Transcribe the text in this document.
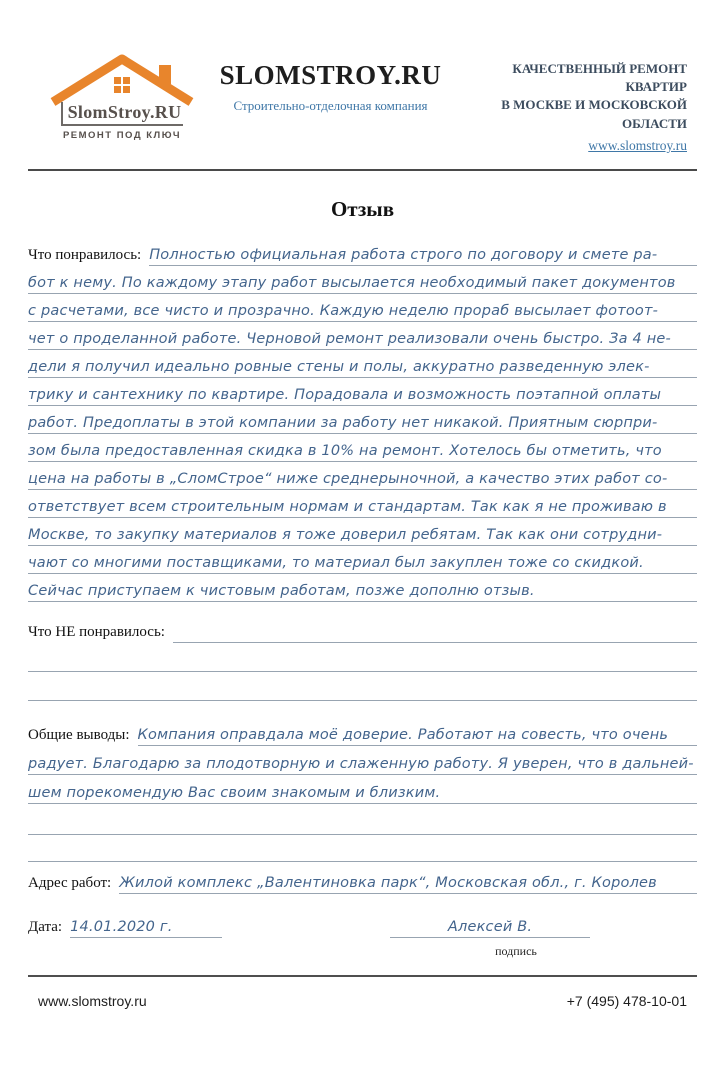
SlomStroy.RU
РЕМОНТ ПОД КЛЮЧ
SLOMSTROY.RU
Строительно-отделочная компания
КАЧЕСТВЕННЫЙ РЕМОНТ КВАРТИР
В МОСКВЕ И МОСКОВСКОЙ ОБЛАСТИ
www.slomstroy.ru
Отзыв
Что понравилось: Полностью официальная работа строго по договору и смете ра-
бот к нему. По каждому этапу работ высылается необходимый пакет документов
с расчетами, все чисто и прозрачно. Каждую неделю прораб высылает фотоот-
чет о проделанной работе. Черновой ремонт реализовали очень быстро. За 4 не-
дели я получил идеально ровные стены и полы, аккуратно разведенную элек-
трику и сантехнику по квартире. Порадовала и возможность поэтапной оплаты
работ. Предоплаты в этой компании за работу нет никакой. Приятным сюрпри-
зом была предоставленная скидка в 10% на ремонт. Хотелось бы отметить, что
цена на работы в „СломСтрое“ ниже среднерыночной, а качество этих работ со-
ответствует всем строительным нормам и стандартам. Так как я не проживаю в
Москве, то закупку материалов я тоже доверил ребятам. Так как они сотрудни-
чают со многими поставщиками, то материал был закуплен тоже со скидкой.
Сейчас приступаем к чистовым работам, позже дополню отзыв.
Что НЕ понравилось:
Общие выводы: Компания оправдала моё доверие. Работают на совесть, что очень
радует. Благодарю за плодотворную и слаженную работу. Я уверен, что в дальней-
шем порекомендую Вас своим знакомым и близким.
Адрес работ: Жилой комплекс „Валентиновка парк“, Московская обл., г. Королев
Дата: 14.01.2020 г.	Алексей В.
подпись
www.slomstroy.ru	+7 (495) 478-10-01
